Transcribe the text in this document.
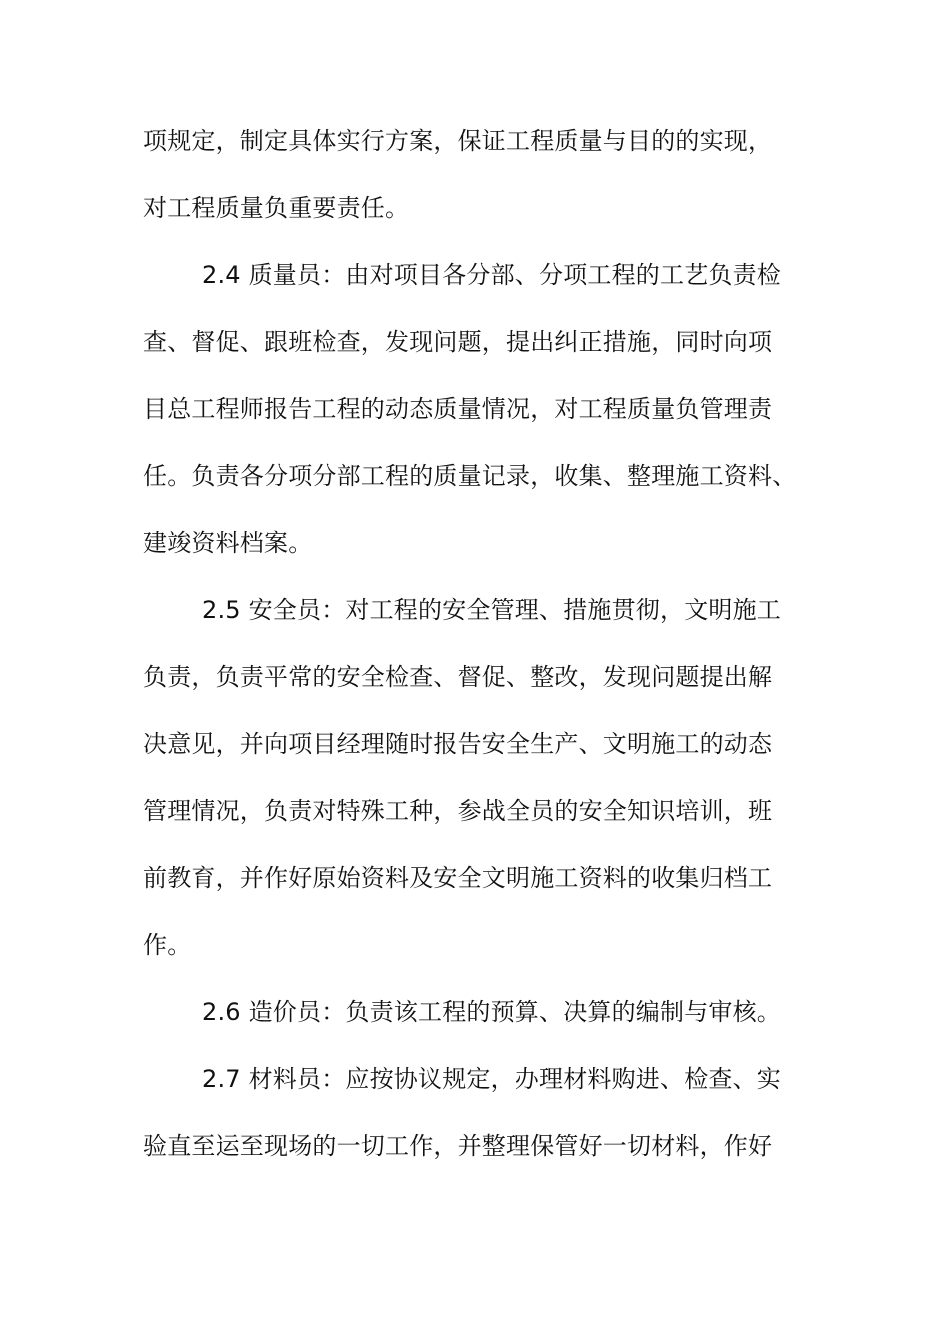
项规定，制定具体实行方案，保证工程质量与目的的实现，
对工程质量负重要责任。
2.4 质量员：由对项目各分部、分项工程的工艺负责检
查、督促、跟班检查，发现问题，提出纠正措施，同时向项
目总工程师报告工程的动态质量情况，对工程质量负管理责
任。负责各分项分部工程的质量记录，收集、整理施工资料、
建竣资料档案。
2.5 安全员：对工程的安全管理、措施贯彻，文明施工
负责，负责平常的安全检查、督促、整改，发现问题提出解
决意见，并向项目经理随时报告安全生产、文明施工的动态
管理情况，负责对特殊工种，参战全员的安全知识培训，班
前教育，并作好原始资料及安全文明施工资料的收集归档工
作。
2.6 造价员：负责该工程的预算、决算的编制与审核。
2.7 材料员：应按协议规定，办理材料购进、检查、实
验直至运至现场的一切工作，并整理保管好一切材料，作好
